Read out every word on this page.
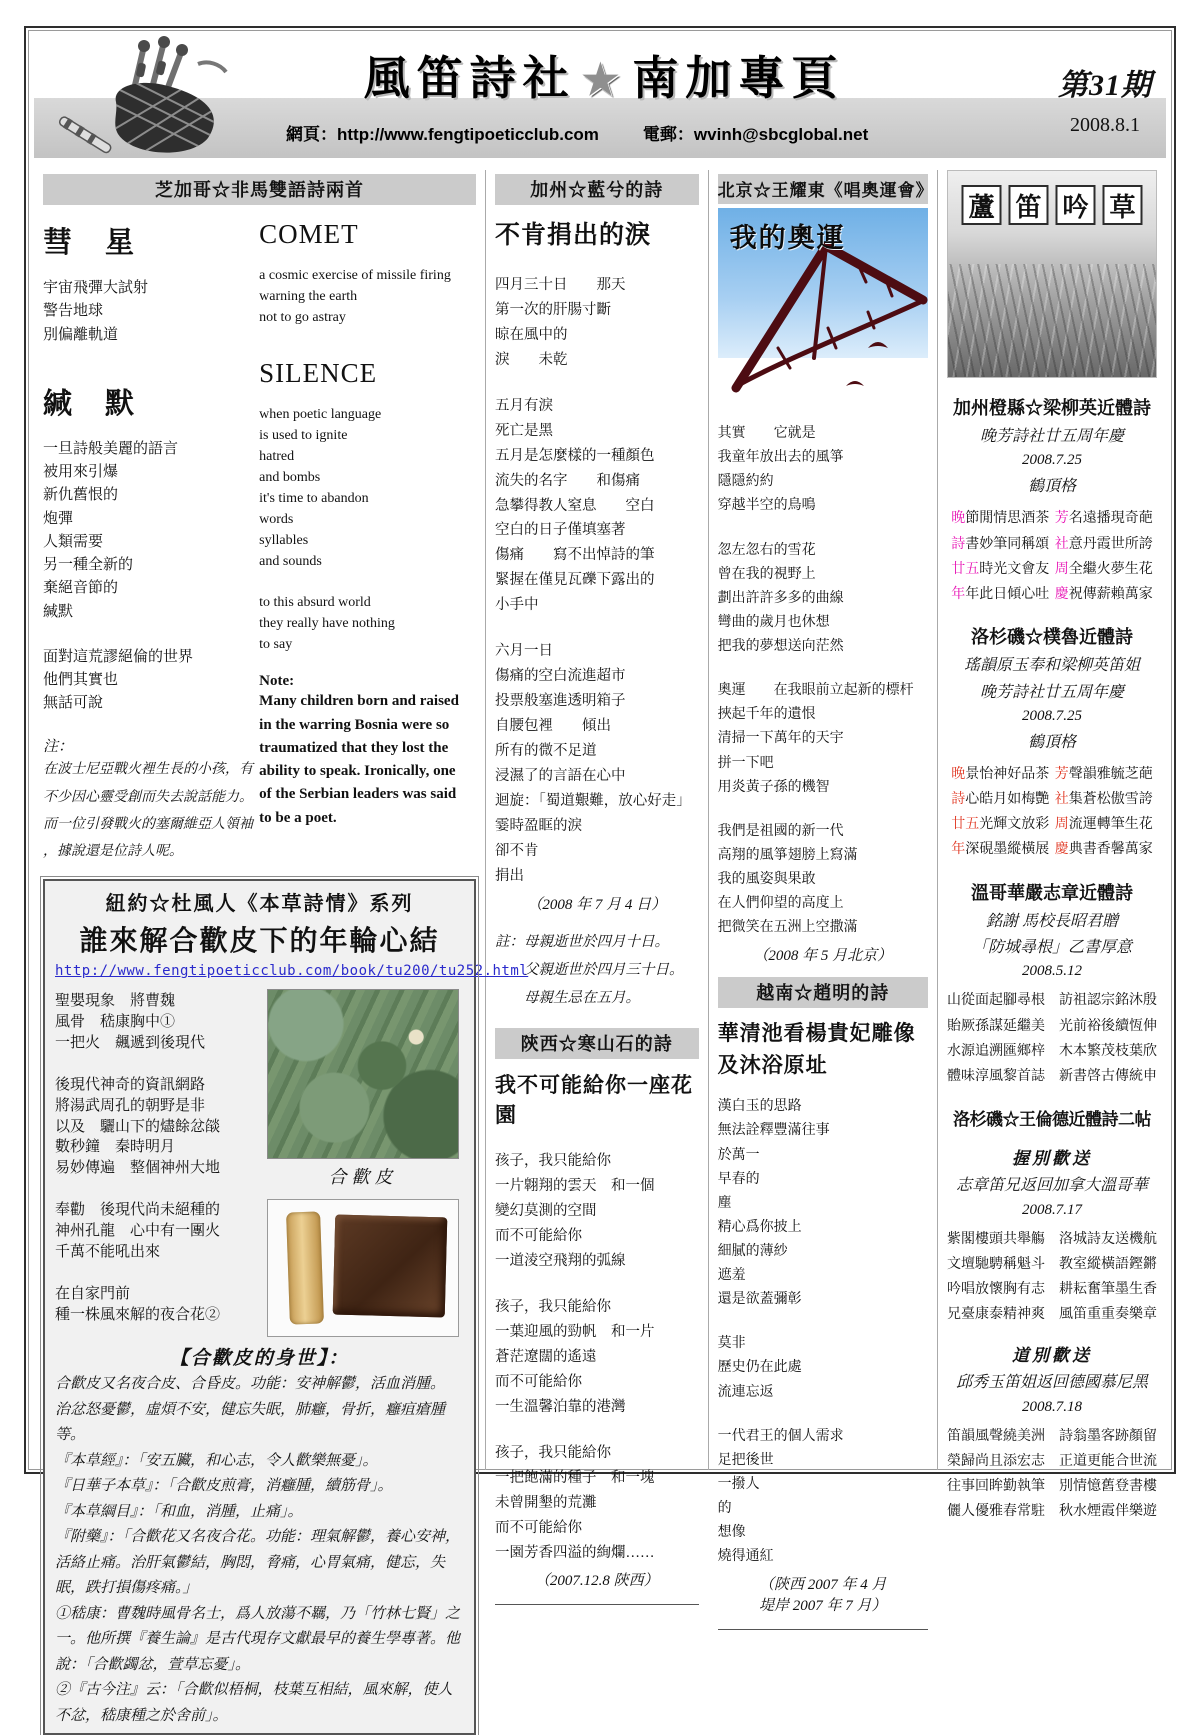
風笛詩社 ★ 南加專頁
網頁：http://www.fengtipoeticclub.com	電郵：wvinh@sbcglobal.net
第31期
2008.8.1
芝加哥☆非馬雙語詩兩首
彗　星
宇宙飛彈大試射
警告地球
別偏離軌道
緘　默
一旦詩般美麗的語言
被用來引爆
新仇舊恨的
炮彈
人類需要
另一種全新的
棄絕音節的
緘默
面對這荒謬絕倫的世界
他們其實也
無話可說
注：
在波士尼亞戰火裡生長的小孩，有
不少因心靈受創而失去說話能力。
而一位引發戰火的塞爾維亞人領袖
，據說還是位詩人呢。
COMET
a cosmic exercise of missile firing
warning the earth
not to go astray
SILENCE
when poetic language
is used to ignite
hatred
and bombs
it's time to abandon
words
syllables
and sounds
to this absurd world
they really have nothing
to say
Note:
Many children born and raised
in the warring Bosnia were so
traumatized that they lost the
ability to speak. Ironically, one
of the Serbian leaders was said
to be a poet.
紐約☆杜風人《本草詩情》系列
誰來解合歡皮下的年輪心結
http://www.fengtipoeticclub.com/book/tu200/tu252.html
聖嬰現象　將曹魏
風骨　嵇康胸中①
一把火　飆遞到後現代
後現代神奇的資訊網路
將湯武周孔的朝野是非
以及　驪山下的燼餘忿燄
數秒鐘　秦時明月
易妙傳遍　整個神州大地
奉勸　後現代尚未絕種的
神州孔龍　心中有一團火
千萬不能吼出來
在自家門前
種一株風來解的夜合花②
合歡皮
【合歡皮的身世】：
合歡皮又名夜合皮、合昏皮。功能：安神解鬱，活血消腫。
治忿怒憂鬱，虛煩不安，健忘失眠，肺癰，骨折，癰疽瘡腫等。
『本草經』：「安五臟，和心志，令人歡樂無憂」。
『日華子本草』：「合歡皮煎膏，消癰腫，續筋骨」。
『本草綱目』：「和血，消腫，止痛」。
『附藥』：「合歡花又名夜合花。功能：理氣解鬱，養心安神，活絡止痛。治肝氣鬱結，胸悶，脅痛，心胃氣痛，健忘，失眠，跌打損傷疼痛。」
①嵇康：曹魏時風骨名士，爲人放蕩不羈，乃「竹林七賢」之一。他所撰『養生論』是古代現存文獻最早的養生學專著。他說：「合歡蠲忿，萱草忘憂」。
②『古今注』云：「合歡似梧桐，枝葉互相結，風來解，使人不忿，嵇康種之於舍前」。
加州☆藍兮的詩
不肯捐出的淚
四月三十日　　那天
第一次的肝腸寸斷
晾在風中的
淚　　未乾
五月有淚
死亡是黑
五月是怎麼樣的一種顏色
流失的名字　　和傷痛
急攀得教人窒息　　空白
空白的日子僅填塞著
傷痛　　寫不出悼詩的筆
緊握在僅見瓦礫下露出的
小手中
六月一日
傷痛的空白流進超市
投票般塞進透明箱子
自腰包裡　　傾出
所有的微不足道
浸濕了的言語在心中
迴旋：「蜀道艱難，放心好走」
霎時盈眶的淚
卻不肯
捐出
（2008 年 7 月 4 日）
註：母親逝世於四月十日。
　　父親逝世於四月三十日。
　　母親生忌在五月。
陝西☆寒山石的詩
我不可能給你一座花園
孩子，我只能給你
一片翺翔的雲天　和一個
變幻莫測的空間
而不可能給你
一道淩空飛翔的弧線
孩子，我只能給你
一葉迎風的勁帆　和一片
蒼茫遼闊的遙遠
而不可能給你
一生溫馨泊靠的港灣
孩子，我只能給你
一把飽滿的種子　和一塊
未曾開墾的荒灘
而不可能給你
一園芳香四溢的絢爛……
（2007.12.8 陝西）
北京☆王耀東《唱奧運會》
我的奧運
其實　　它就是
我童年放出去的風箏
隱隱約約
穿越半空的鳥鳴
忽左忽右的雪花
曾在我的視野上
劃出許許多多的曲線
彎曲的歲月也休想
把我的夢想送向茫然
奧運　　在我眼前立起新的標杆
挾起千年的遺恨
清掃一下萬年的天宇
拼一下吧
用炎黃子孫的機智
我們是祖國的新一代
高翔的風箏翅膀上寫滿
我的風姿與果敢
在人們仰望的高度上
把微笑在五洲上空撒滿
（2008 年 5 月北京）
越南☆趙明的詩
華清池看楊貴妃雕像
及沐浴原址
漢白玉的思路
無法詮釋豐滿往事
於萬一
早春的
塵
精心爲你披上
細膩的薄紗
遮羞
還是欲蓋彌彰
莫非
歷史仍在此處
流連忘返
一代君王的個人需求
足把後世
一撥人
的
想像
燒得通紅
（陝西 2007 年 4 月
堤岸 2007 年 7 月）
蘆 笛 吟 草
加州橙縣☆梁柳英近體詩
晚芳詩社廿五周年慶
2008.7.25
鶴頂格
晚節閒情思酒茶 芳名遠播現奇葩
詩書妙筆同稱頌 社意丹霞世所誇
廿五時光文會友 周全繼火夢生花
年年此日傾心吐 慶祝傳薪賴萬家
洛杉磯☆樸魯近體詩
瑤韻原玉奉和梁柳英笛姐
晚芳詩社廿五周年慶
2008.7.25
鶴頂格
晚景怡神好品茶 芳聲韻雅毓芝葩
詩心皓月如梅艷 社集蒼松傲雪誇
廿五光輝文放彩 周流運轉筆生花
年深硯墨縱橫展 慶典書香馨萬家
溫哥華嚴志章近體詩
銘謝 馬校長昭君贈
「防城尋根」乙書厚意
2008.5.12
山從面起腳尋根　訪祖認宗銘沐殷
貽厥孫謀延繼美　光前裕後續恆伸
水源追溯匯鄉梓　木本繁茂枝葉欣
體味淳風黎首誌　新書啓古傳統申
洛杉磯☆王倫德近體詩二帖
握別歡送
志章笛兄返回加拿大溫哥華
2008.7.17
紫閣樓頭共舉觴　洛城詩友送機航
文壇馳騁稱魁斗　教室縱橫語鏗鏘
吟唱放懷胸有志　耕耘奮筆墨生香
兄臺康泰精神爽　風笛重重奏樂章
道別歡送
邱秀玉笛姐返回德國慕尼黑
2008.7.18
笛韻風聲繞美洲　詩翁墨客跡顏留
榮歸尚且添宏志　正道更能合世流
往事回眸勤執筆　別情憶舊登書樓
儷人優雅春常駐　秋水煙霞伴樂遊
